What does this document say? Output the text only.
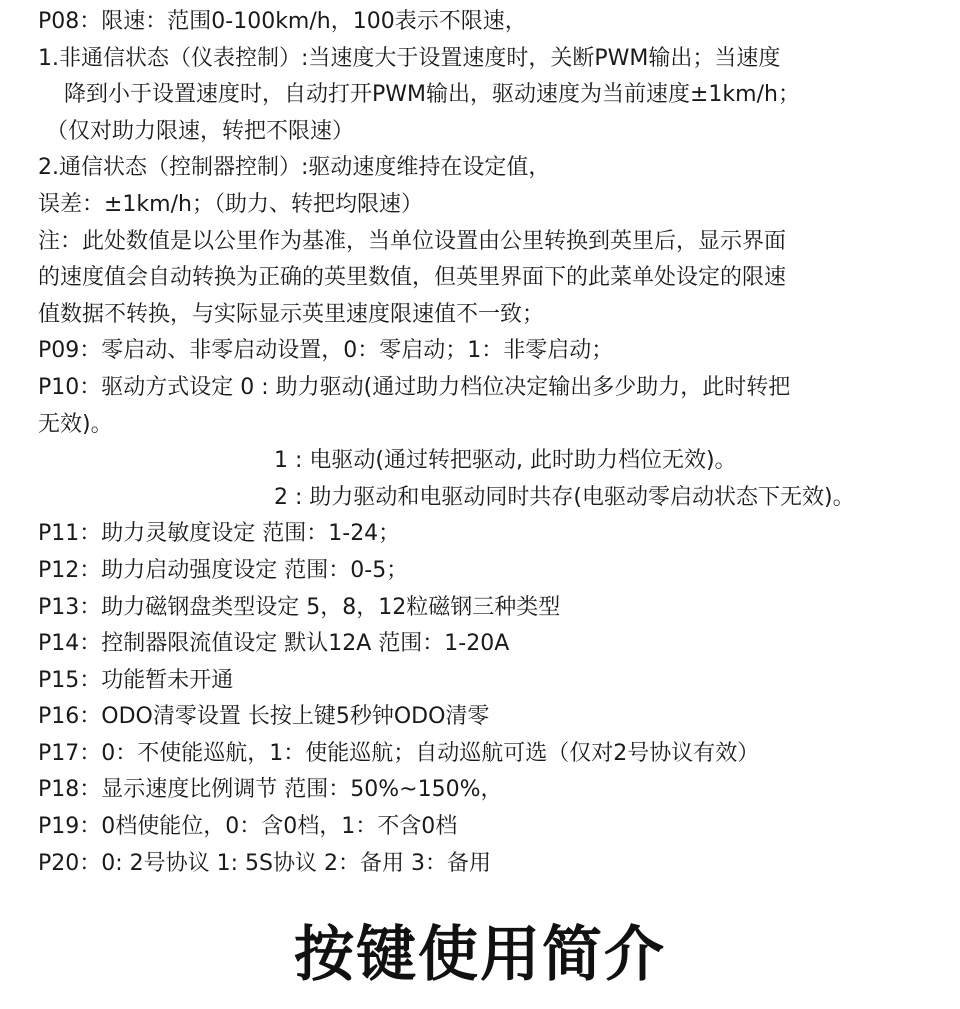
P08：限速：范围0-100km/h，100表示不限速，
1.非通信状态（仪表控制）:当速度大于设置速度时，关断PWM输出；当速度
降到小于设置速度时，自动打开PWM输出，驱动速度为当前速度±1km/h；
（仅对助力限速，转把不限速）
2.通信状态（控制器控制）:驱动速度维持在设定值，
误差：±1km/h；（助力、转把均限速）
注：此处数值是以公里作为基准，当单位设置由公里转换到英里后，显示界面
的速度值会自动转换为正确的英里数值，但英里界面下的此菜单处设定的限速
值数据不转换，与实际显示英里速度限速值不一致；
P09：零启动、非零启动设置，0：零启动；1：非零启动；
P10：驱动方式设定 0 : 助力驱动(通过助力档位决定输出多少助力，此时转把
无效)。
1 : 电驱动(通过转把驱动, 此时助力档位无效)。
2 : 助力驱动和电驱动同时共存(电驱动零启动状态下无效)。
P11：助力灵敏度设定 范围：1-24；
P12：助力启动强度设定 范围：0-5；
P13：助力磁钢盘类型设定 5，8，12粒磁钢三种类型
P14：控制器限流值设定 默认12A 范围：1-20A
P15：功能暂未开通
P16：ODO清零设置 长按上键5秒钟ODO清零
P17：0：不使能巡航，1：使能巡航；自动巡航可选（仅对2号协议有效）
P18：显示速度比例调节 范围：50%~150%，
P19：0档使能位，0：含0档，1：不含0档
P20：0: 2号协议 1: 5S协议 2：备用 3：备用
按键使用简介
